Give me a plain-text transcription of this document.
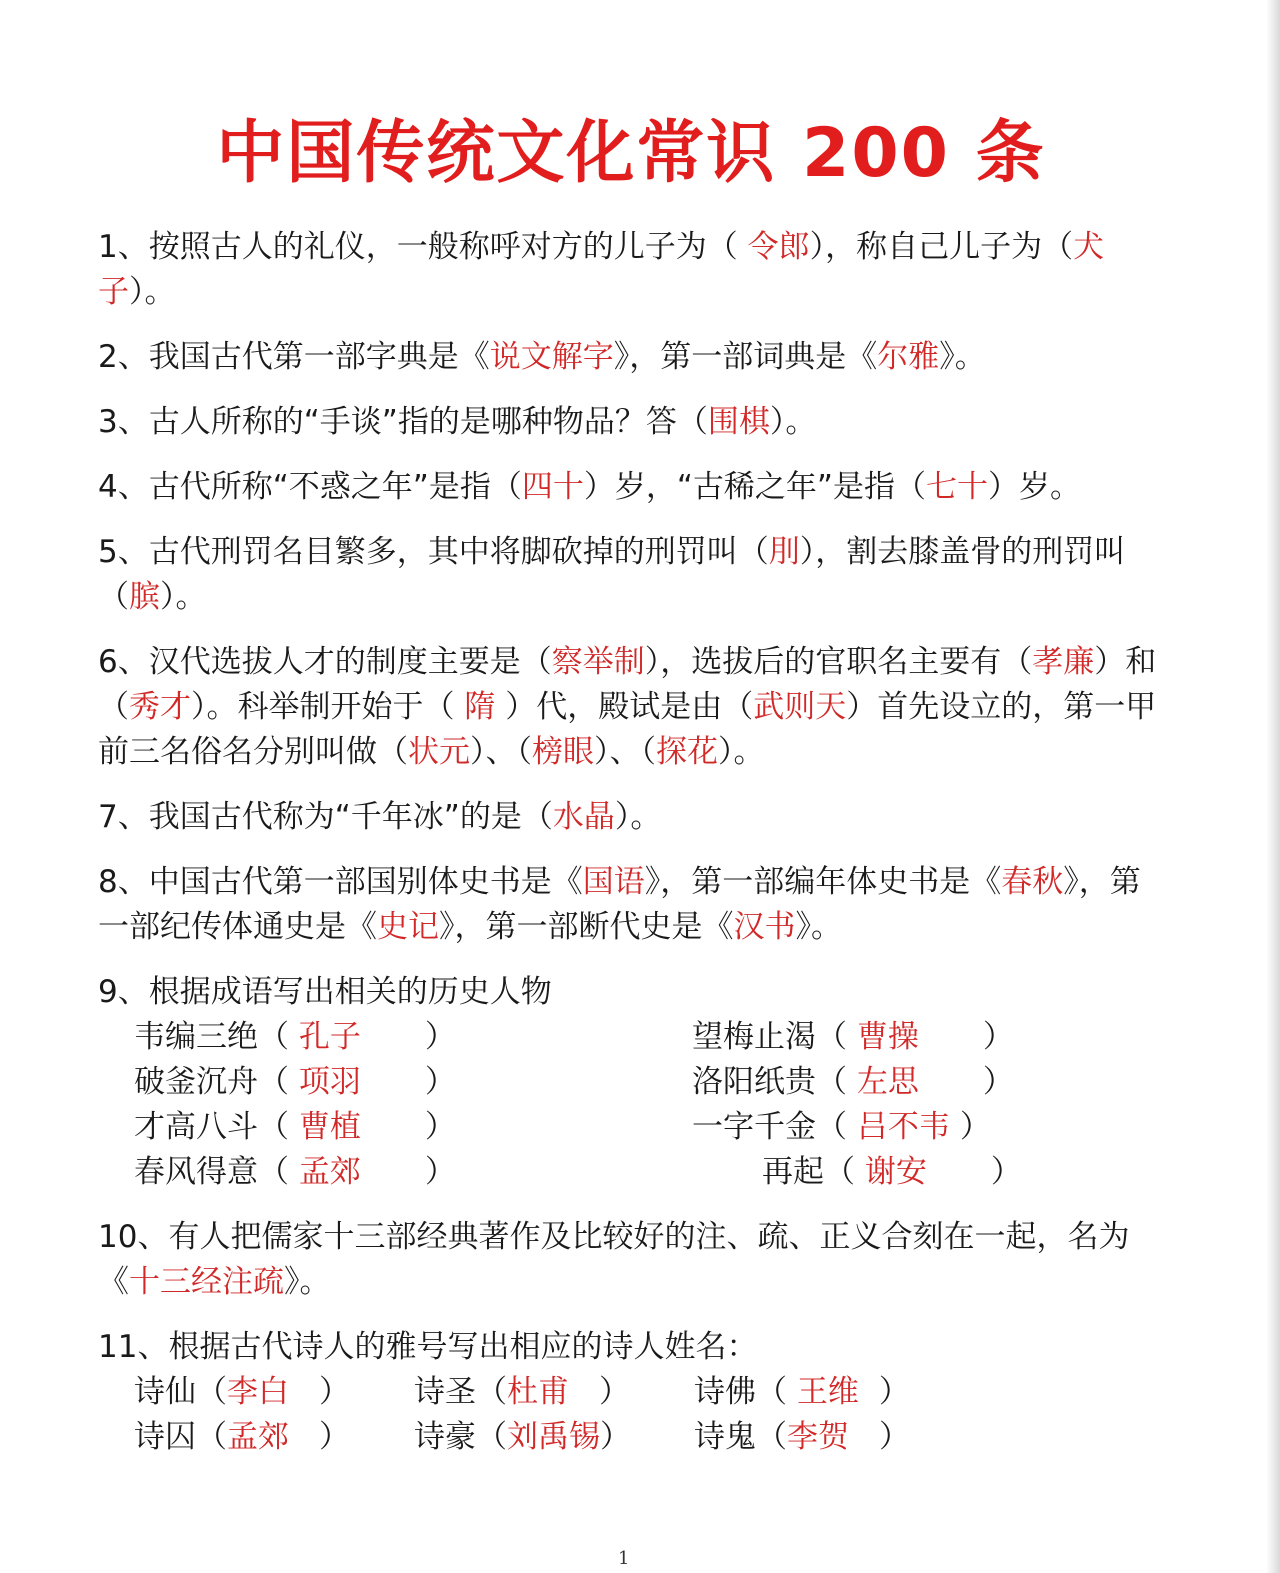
中国传统文化常识 200 条
1、按照古人的礼仪，一般称呼对方的儿子为（ 令郎），称自己儿子为（犬子）。
2、我国古代第一部字典是《说文解字》，第一部词典是《尔雅》。
3、古人所称的“手谈”指的是哪种物品？答（围棋）。
4、古代所称“不惑之年”是指（四十）岁，“古稀之年”是指（七十）岁。
5、古代刑罚名目繁多，其中将脚砍掉的刑罚叫（刖），割去膝盖骨的刑罚叫（膑）。
6、汉代选拔人才的制度主要是（察举制），选拔后的官职名主要有（孝廉）和（秀才）。科举制开始于（ 隋 ）代，殿试是由（武则天）首先设立的，第一甲前三名俗名分别叫做（状元）、（榜眼）、（探花）。
7、我国古代称为“千年冰”的是（水晶）。
8、中国古代第一部国别体史书是《国语》，第一部编年体史书是《春秋》，第一部纪传体通史是《史记》，第一部断代史是《汉书》。
9、根据成语写出相关的历史人物
韦编三绝（ 孔子 ）	望梅止渴（ 曹操 ）
破釜沉舟（ 项羽 ）	洛阳纸贵（ 左思 ）
才高八斗（ 曹植 ）	一字千金（ 吕不韦 ）
春风得意（ 孟郊 ）	再起（ 谢安 ）
10、有人把儒家十三部经典著作及比较好的注、疏、正义合刻在一起，名为《十三经注疏》。
11、根据古代诗人的雅号写出相应的诗人姓名：
诗仙（李白 ）	诗圣（杜甫 ）	诗佛（ 王维 ）
诗囚（孟郊 ）	诗豪（刘禹锡）	诗鬼（李贺 ）
1
